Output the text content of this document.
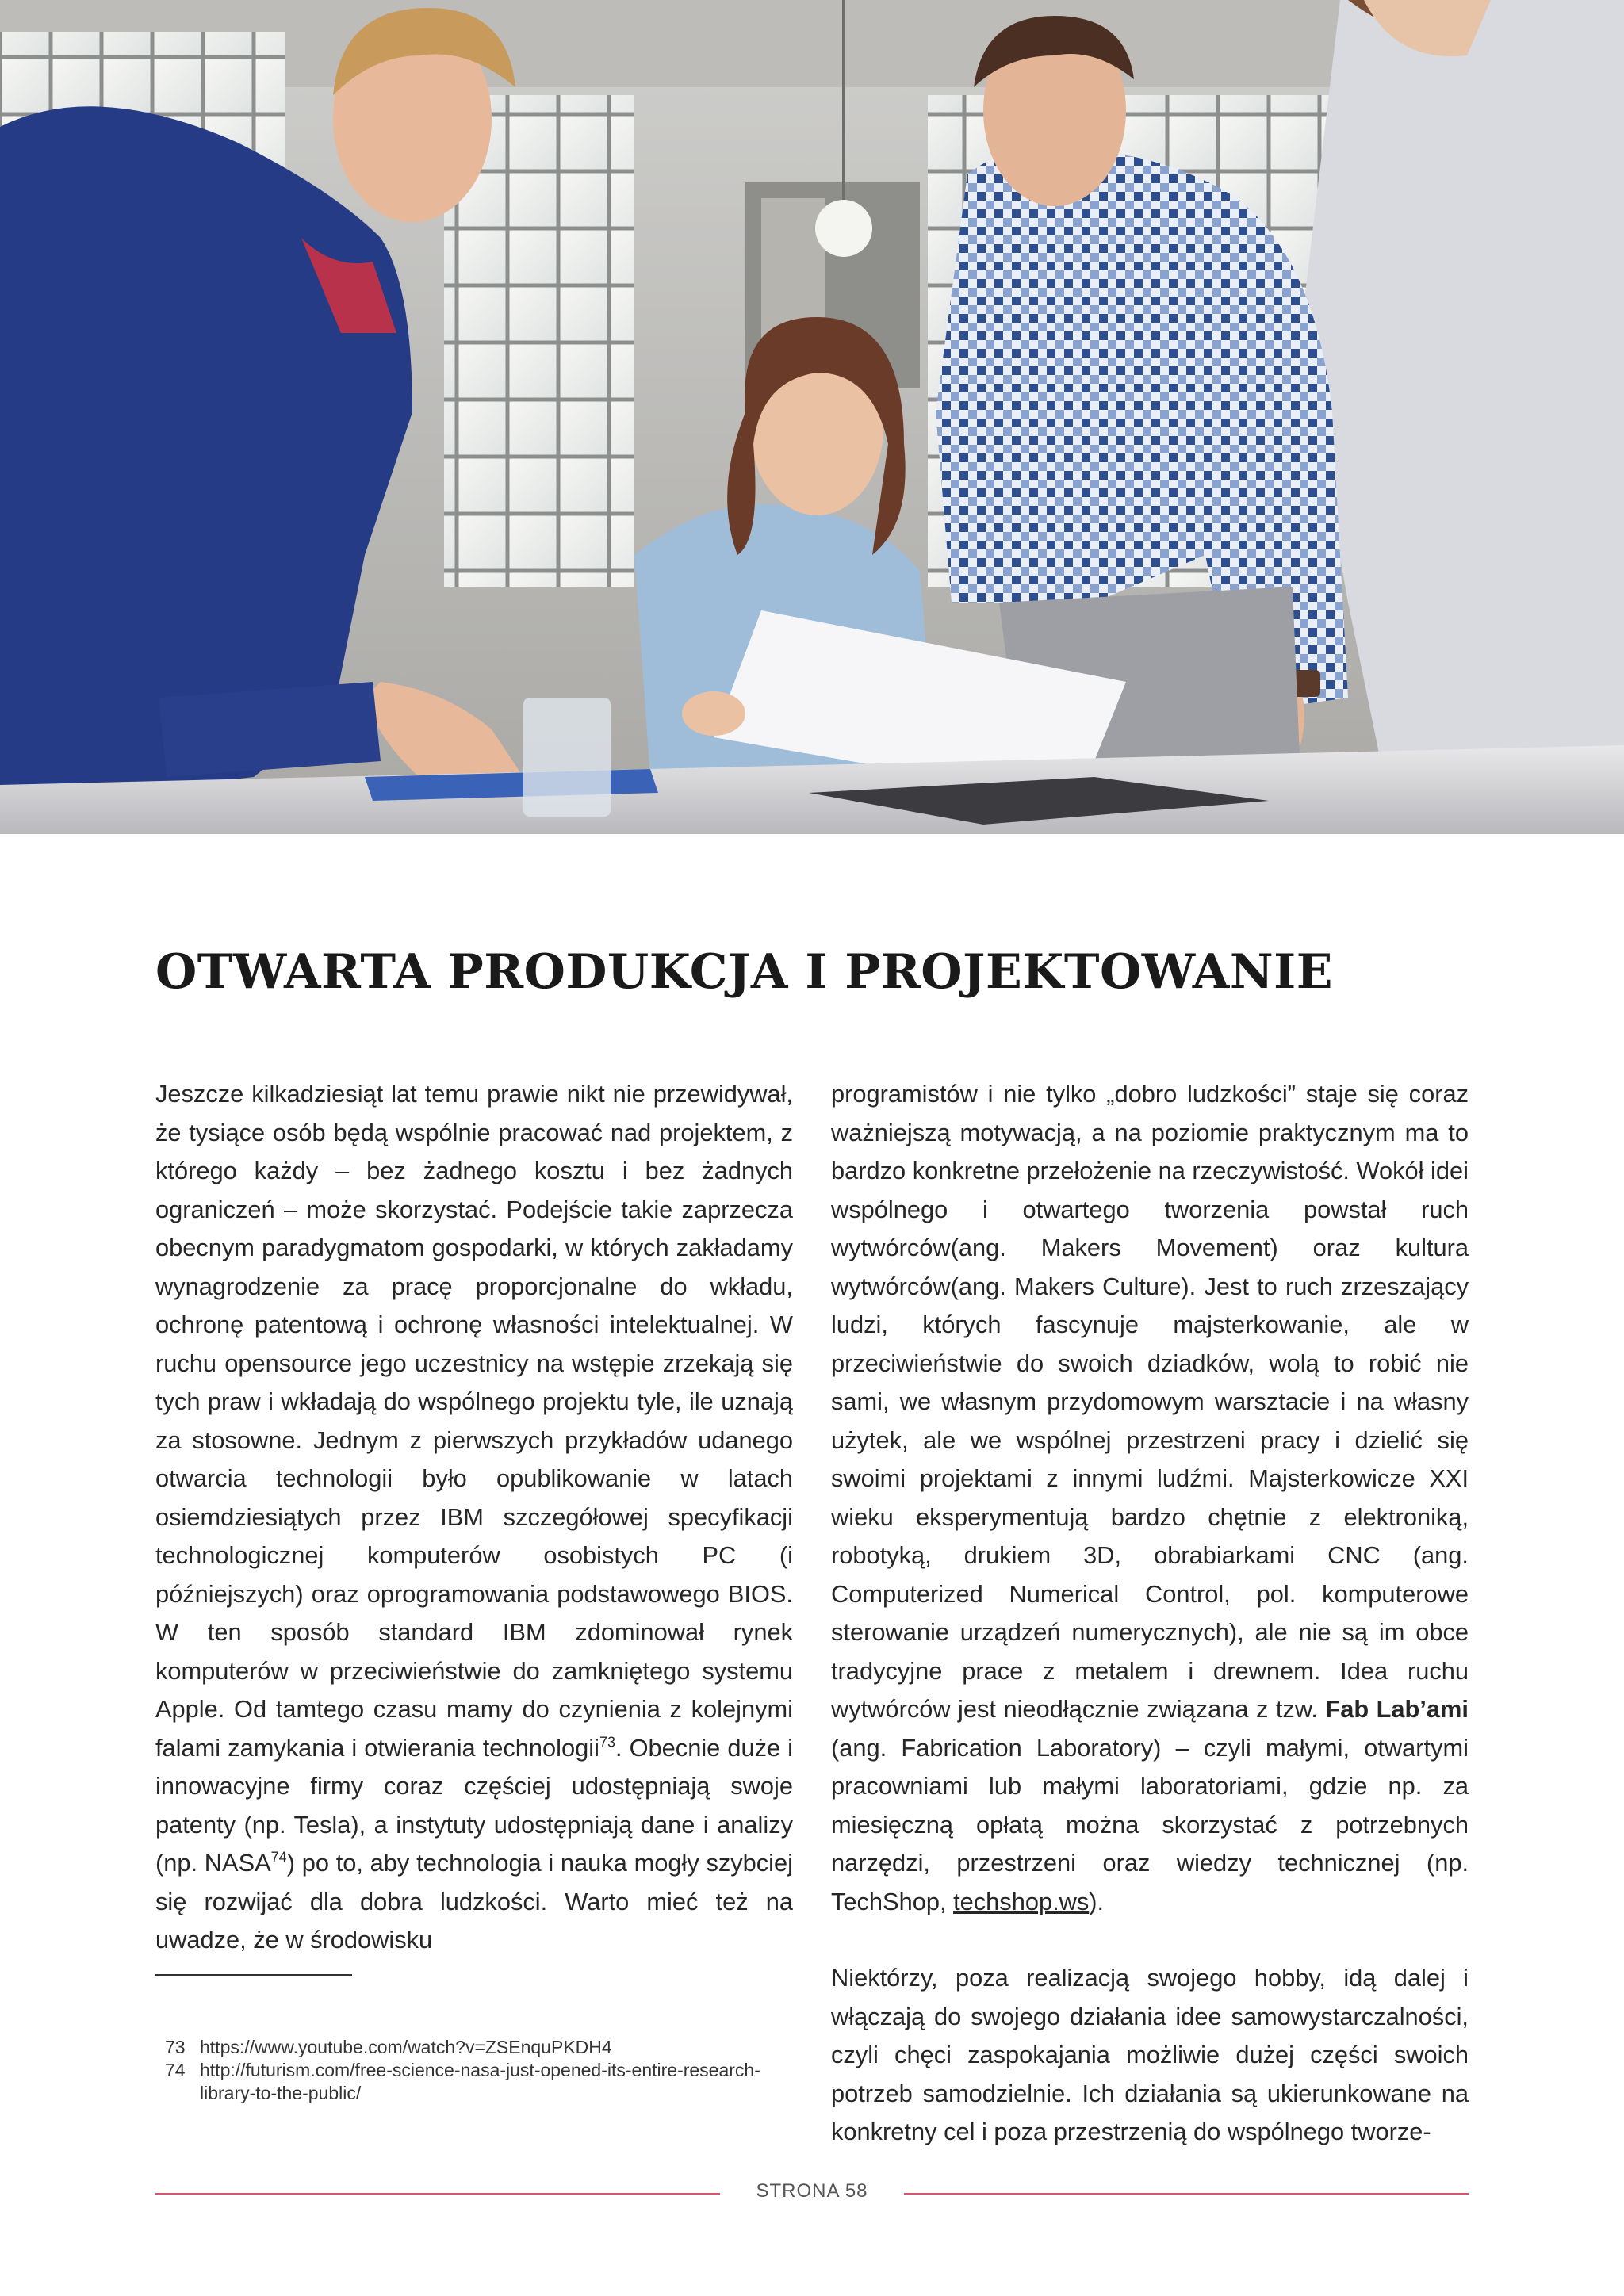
OTWARTA PRODUKCJA I PROJEKTOWANIE

Jeszcze kilkadziesiąt lat temu prawie nikt nie przewidywał, że tysiące osób będą wspólnie pracować nad projektem, z którego każdy – bez żadnego kosztu i bez żadnych ograniczeń – może skorzystać. Podejście takie zaprzecza obecnym paradygmatom gospodarki, w których zakładamy wynagrodzenie za pracę proporcjonalne do wkładu, ochronę patentową i ochronę własności intelektualnej. W ruchu opensource jego uczestnicy na wstępie zrzekają się tych praw i wkładają do wspólnego projektu tyle, ile uznają za stosowne. Jednym z pierwszych przykładów udanego otwarcia technologii było opublikowanie w latach osiemdziesiątych przez IBM szczegółowej specyfikacji technologicznej komputerów osobistych PC (i późniejszych) oraz oprogramowania podstawowego BIOS. W ten sposób standard IBM zdominował rynek komputerów w przeciwieństwie do zamkniętego systemu Apple. Od tamtego czasu mamy do czynienia z kolejnymi falami zamykania i otwierania technologii$^{73}$. Obecnie duże i innowacyjne firmy coraz częściej udostępniają swoje patenty (np. Tesla), a instytuty udostępniają dane i analizy (np. NASA$^{74}$) po to, aby technologia i nauka mogły szybciej się rozwijać dla dobra ludzkości. Warto mieć też na uwadze, że w środowisku

programistów i nie tylko „dobro ludzkości” staje się coraz ważniejszą motywacją, a na poziomie praktycznym ma to bardzo konkretne przełożenie na rzeczywistość. Wokół idei wspólnego i otwartego tworzenia powstał ruch wytwórców(ang. Makers Movement) oraz kultura wytwórców(ang. Makers Culture). Jest to ruch zrzeszający ludzi, których fascynuje majsterkowanie, ale w przeciwieństwie do swoich dziadków, wolą to robić nie sami, we własnym przydomowym warsztacie i na własny użytek, ale we wspólnej przestrzeni pracy i dzielić się swoimi projektami z innymi ludźmi. Majsterkowicze XXI wieku eksperymentują bardzo chętnie z elektroniką, robotyką, drukiem 3D, obrabiarkami CNC (ang. Computerized Numerical Control, pol. komputerowe sterowanie urządzeń numerycznych), ale nie są im obce tradycyjne prace z metalem i drewnem. Idea ruchu wytwórców jest nieodłącznie związana z tzw. Fab Lab’ami (ang. Fabrication Laboratory) – czyli małymi, otwartymi pracowniami lub małymi laboratoriami, gdzie np. za miesięczną opłatą można skorzystać z potrzebnych narzędzi, przestrzeni oraz wiedzy technicznej (np. TechShop, techshop.ws).

Niektórzy, poza realizacją swojego hobby, idą dalej i włączają do swojego działania idee samowystarczalności, czyli chęci zaspokajania możliwie dużej części swoich potrzeb samodzielnie. Ich działania są ukierunkowane na konkretny cel i poza przestrzenią do wspólnego tworze-

73 https://www.youtube.com/watch?v=ZSEnquPKDH4
74 http://futurism.com/free-science-nasa-just-opened-its-entire-research-library-to-the-public/
STRONA 58
